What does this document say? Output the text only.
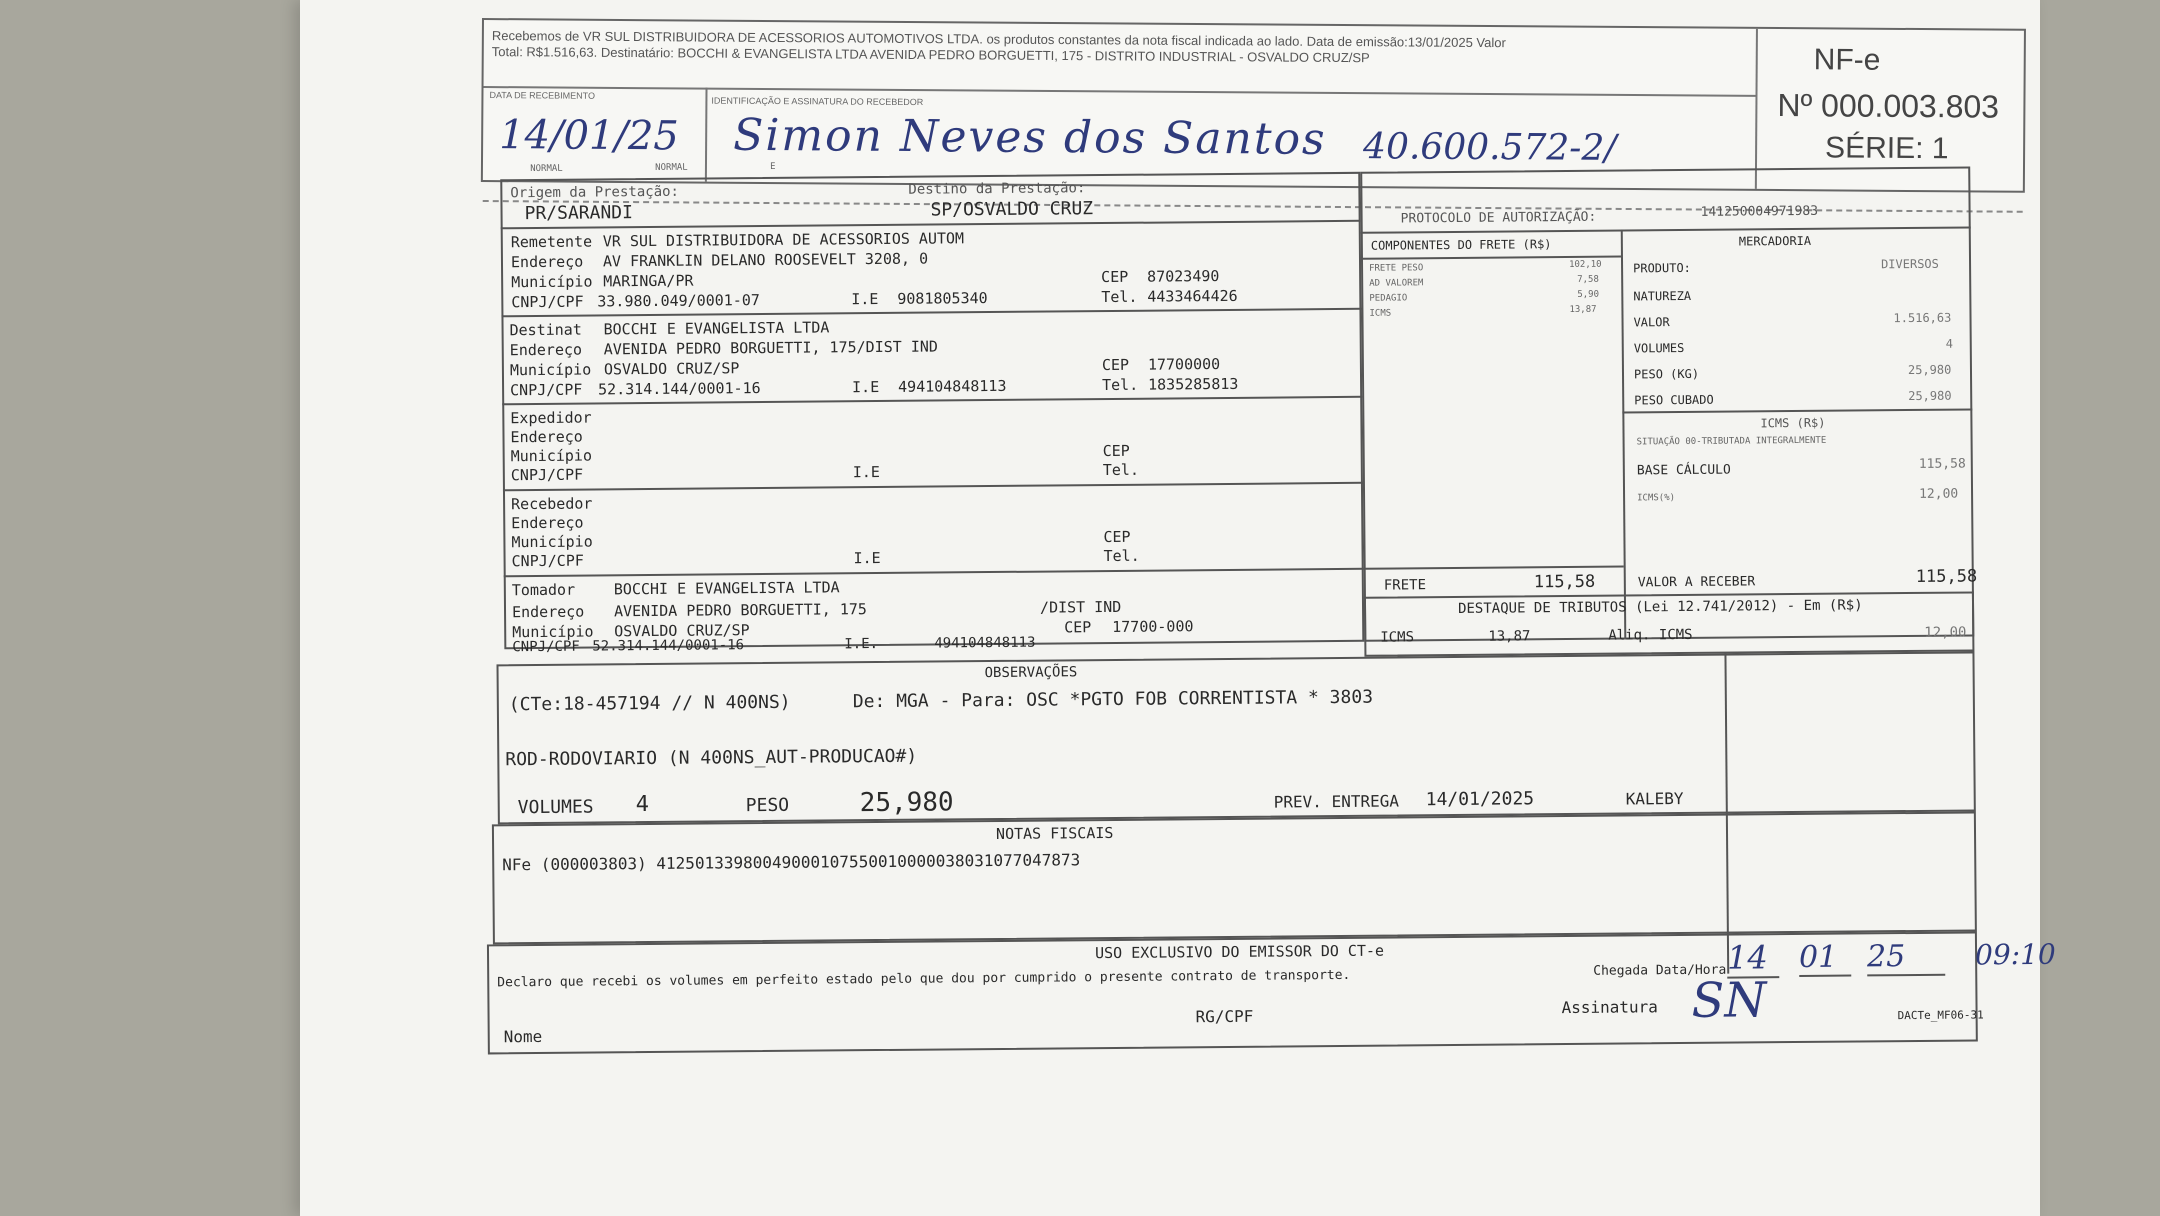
Recebemos de VR SUL DISTRIBUIDORA DE ACESSORIOS AUTOMOTIVOS LTDA. os produtos constantes da nota fiscal indicada ao lado. Data de emissão:13/01/2025 Valor
Total: R$1.516,63. Destinatário: BOCCHI & EVANGELISTA LTDA AVENIDA PEDRO BORGUETTI, 175 - DISTRITO INDUSTRIAL - OSVALDO CRUZ/SP
DATA DE RECEBIMENTO
14/01/25
IDENTIFICAÇÃO E ASSINATURA DO RECEBEDOR
Simon Neves dos Santos 40.600.572-2/
NF-e
Nº 000.003.803
SÉRIE: 1
NORMAL	NORMAL	E
Origem da Prestação:
PR/SARANDI
Destino da Prestação:
SP/OSVALDO CRUZ
Remetente VR SUL DISTRIBUIDORA DE ACESSORIOS AUTOM
Endereço AV FRANKLIN DELANO ROOSEVELT 3208, 0
Município MARINGA/PR	CEP 87023490
CNPJ/CPF 33.980.049/0001-07	I.E 9081805340	Tel. 4433464426
Destinat BOCCHI E EVANGELISTA LTDA
Endereço AVENIDA PEDRO BORGUETTI, 175/DIST IND
Município OSVALDO CRUZ/SP	CEP 17700000
CNPJ/CPF 52.314.144/0001-16	I.E 494104848113	Tel. 1835285813
Expedidor
Endereço
Município
CNPJ/CPF	I.E
CEP
Tel.
Recebedor
Endereço
Município
CNPJ/CPF	I.E
CEP
Tel.
Tomador	BOCCHI E EVANGELISTA LTDA
Endereço AVENIDA PEDRO BORGUETTI, 175	/DIST IND
Município OSVALDO CRUZ/SP	CEP 17700-000
CNPJ/CPF 52.314.144/0001-16	I.E.	494104848113
PROTOCOLO DE AUTORIZAÇÃO:	141250004971983
COMPONENTES DO FRETE (R$)
FRETE PESO	102,10
AD VALOREM	7,58
PEDAGIO	5,90
ICMS	13,87
FRETE	115,58
MERCADORIA
PRODUTO:	DIVERSOS
NATUREZA
VALOR	1.516,63
VOLUMES	4
PESO (KG)	25,980
PESO CUBADO	25,980
ICMS (R$)
SITUAÇÃO 00-TRIBUTADA INTEGRALMENTE
BASE CÁLCULO	115,58
ICMS(%)	12,00
VALOR A RECEBER	115,58
DESTAQUE DE TRIBUTOS (Lei 12.741/2012) - Em (R$)
ICMS	13,87	Aliq. ICMS	12,00
OBSERVAÇÕES
(CTe:18-457194 // N 400NS)	De: MGA - Para: OSC *PGTO FOB CORRENTISTA * 3803
ROD-RODOVIARIO (N 400NS_AUT-PRODUCAO#)
VOLUMES 4	PESO	25,980	PREV. ENTREGA 14/01/2025	KALEBY
NOTAS FISCAIS
NFe (000003803) 41250133980049000107550010000038031077047873
USO EXCLUSIVO DO EMISSOR DO CT-e
Declaro que recebi os volumes em perfeito estado pelo que dou por cumprido o presente contrato de transporte.	Chegada Data/Hora 14	01 25	09:10
Nome
RG/CPF	Assinatura SN	DACTe_MF06-31
